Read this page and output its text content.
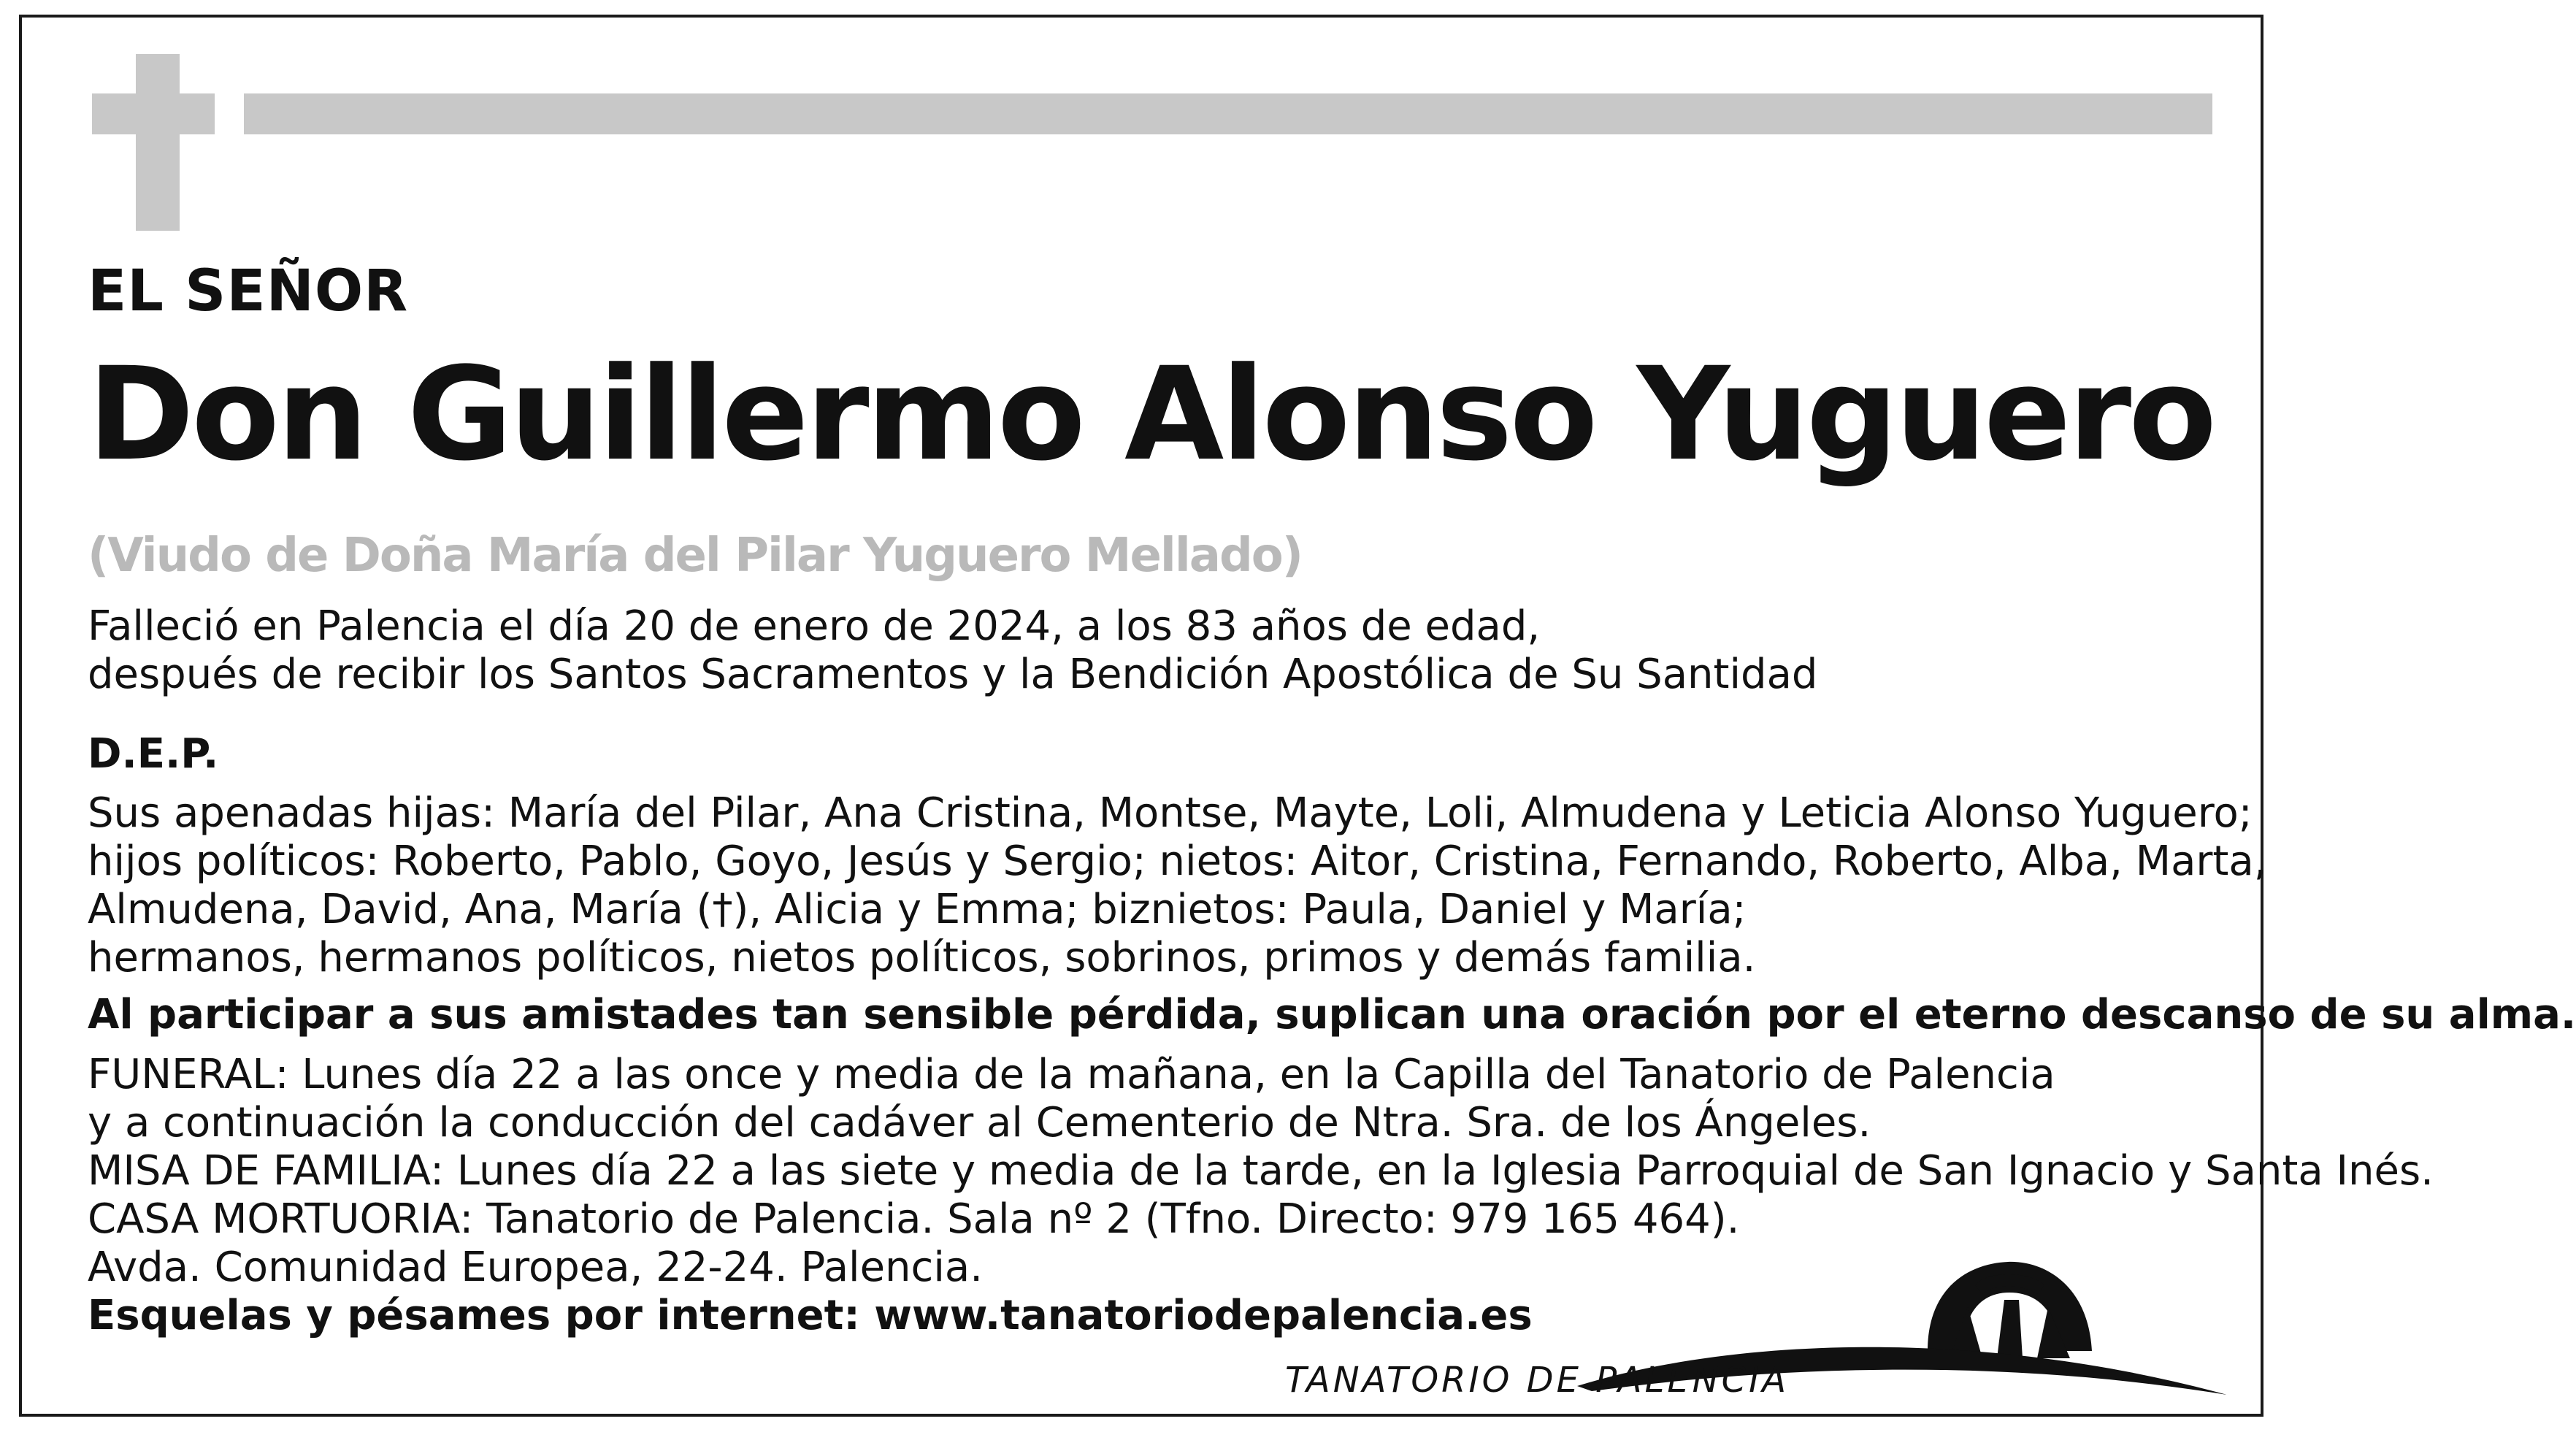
EL SEÑOR

Don Guillermo Alonso Yuguero

(Viudo de Doña María del Pilar Yuguero Mellado)

Falleció en Palencia el día 20 de enero de 2024, a los 83 años de edad,

después de recibir los Santos Sacramentos y la Bendición Apostólica de Su Santidad

D.E.P.

Sus apenadas hijas: María del Pilar, Ana Cristina, Montse, Mayte, Loli, Almudena y Leticia Alonso Yuguero;

hijos políticos: Roberto, Pablo, Goyo, Jesús y Sergio; nietos: Aitor, Cristina, Fernando, Roberto, Alba, Marta,

Almudena, David, Ana, María (†), Alicia y Emma; biznietos: Paula, Daniel y María;

hermanos, hermanos políticos, nietos políticos, sobrinos, primos y demás familia.

Al participar a sus amistades tan sensible pérdida, suplican una oración por el eterno descanso de su alma.

FUNERAL: Lunes día 22 a las once y media de la mañana, en la Capilla del Tanatorio de Palencia

y a continuación la conducción del cadáver al Cementerio de Ntra. Sra. de los Ángeles.

MISA DE FAMILIA: Lunes día 22 a las siete y media de la tarde, en la Iglesia Parroquial de San Ignacio y Santa Inés.

CASA MORTUORIA: Tanatorio de Palencia. Sala nº 2 (Tfno. Directo: 979 165 464).

Avda. Comunidad Europea, 22-24. Palencia.

Esquelas y pésames por internet: www.tanatoriodepalencia.es

TANATORIO DE PALENCIA
